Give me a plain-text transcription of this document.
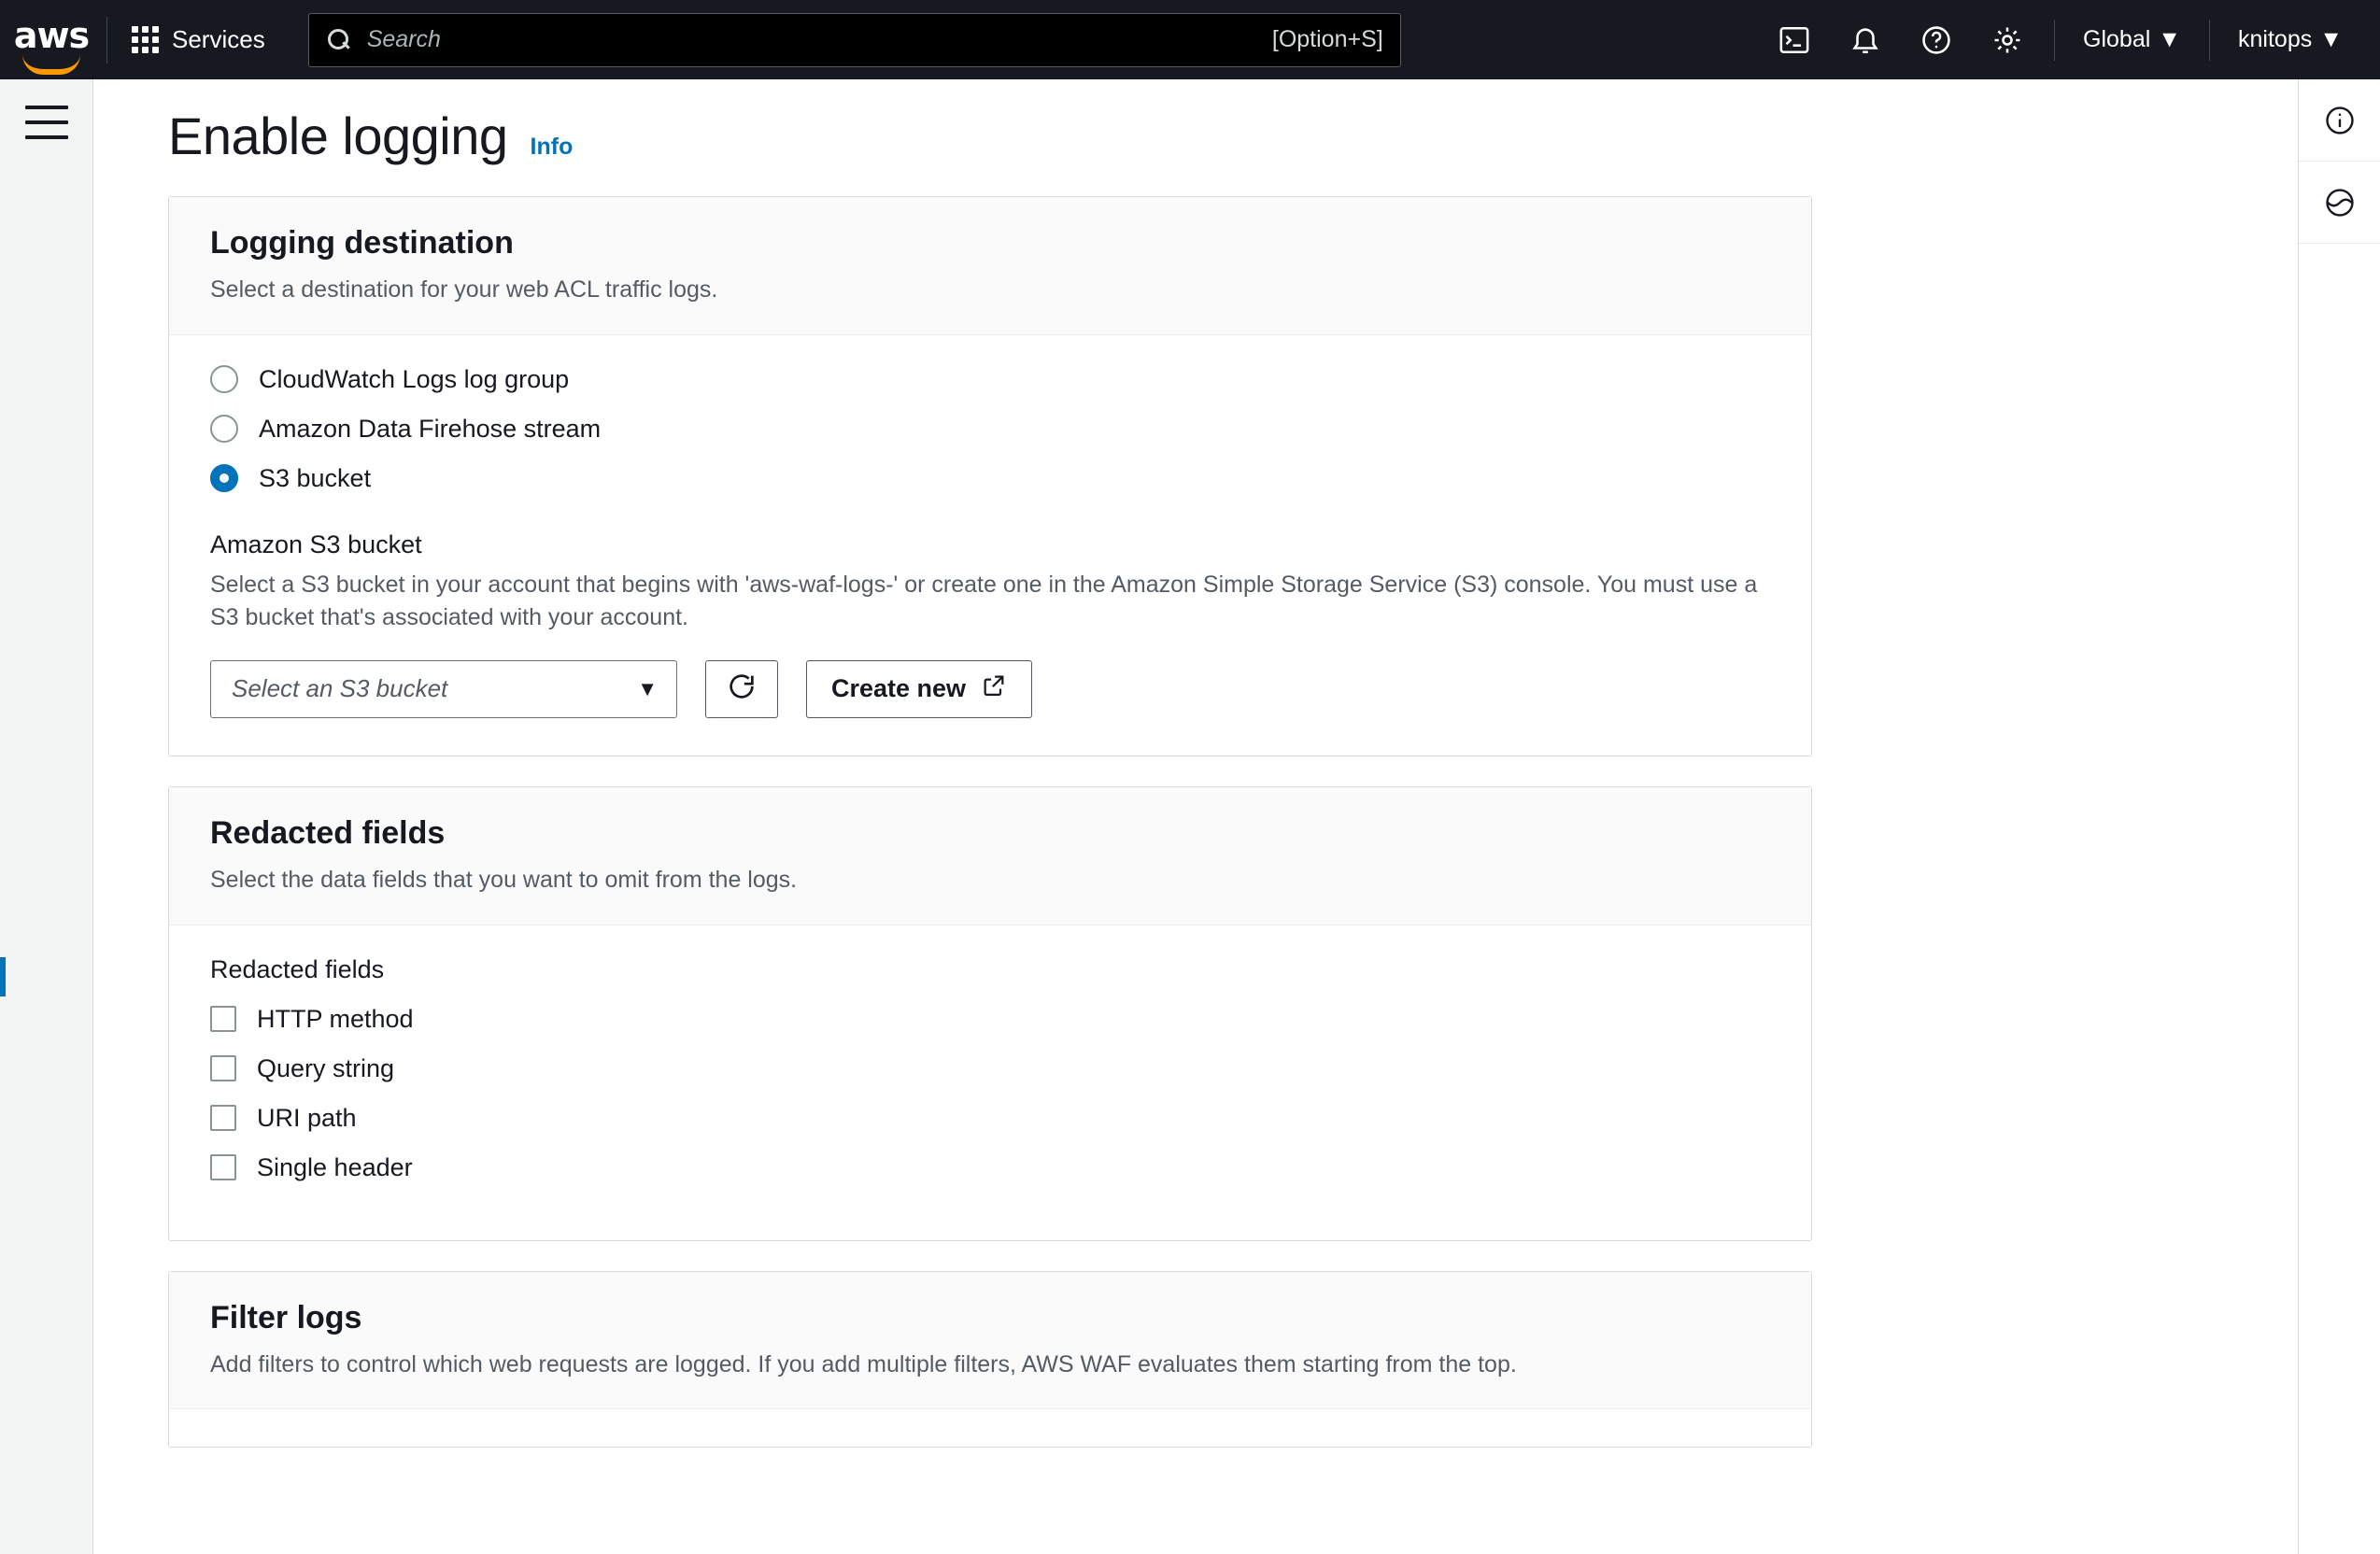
aws	Services
Search	[Option+S]	Global ▼ knitops ▼
Enable logging Info
Logging destination

Select a destination for your web ACL traffic logs.

CloudWatch Logs log group
Amazon Data Firehose stream
S3 bucket
Amazon S3 bucket

Select a S3 bucket in your account that begins with 'aws-waf-logs-' or create one in the Amazon Simple Storage Service (S3) console. You must use a S3 bucket that's associated with your account.

Select an S3 bucket	▼	Create new
Redacted fields

Select the data fields that you want to omit from the logs.

Redacted fields
HTTP method
Query string
URI path
Single header
Filter logs

Add filters to control which web requests are logged. If you add multiple filters, AWS WAF evaluates them starting from the top.
